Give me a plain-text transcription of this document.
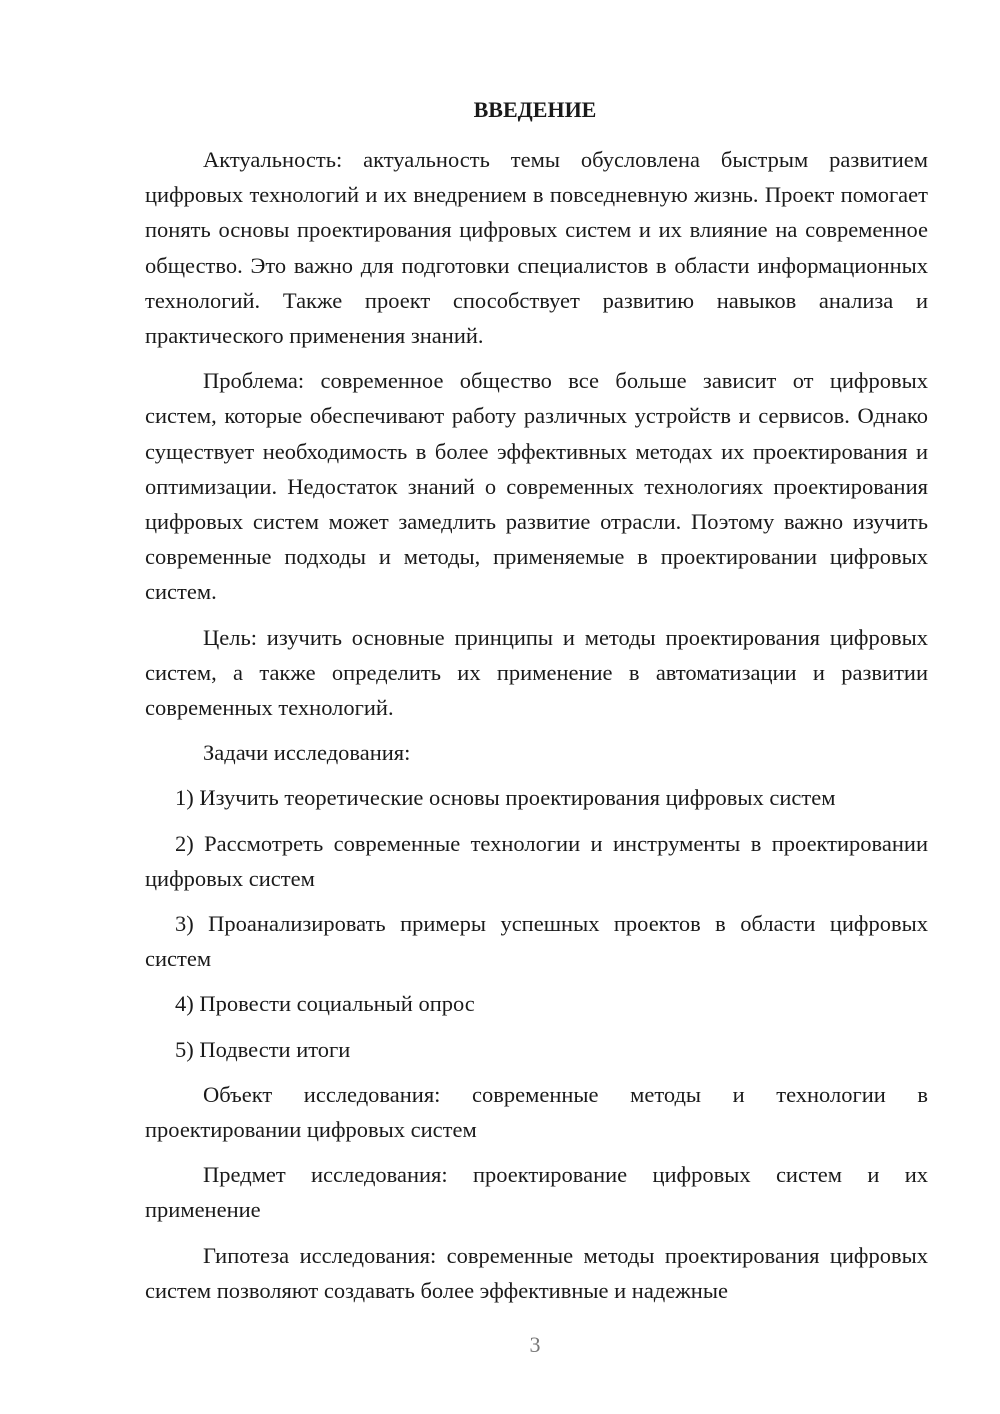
ВВЕДЕНИЕ

Актуальность: актуальность темы обусловлена быстрым развитием цифровых технологий и их внедрением в повседневную жизнь. Проект помогает понять основы проектирования цифровых систем и их влияние на современное общество. Это важно для подготовки специалистов в области информационных технологий. Также проект способствует развитию навыков анализа и практического применения знаний.

Проблема: современное общество все больше зависит от цифровых систем, которые обеспечивают работу различных устройств и сервисов. Однако существует необходимость в более эффективных методах их проектирования и оптимизации. Недостаток знаний о современных технологиях проектирования цифровых систем может замедлить развитие отрасли. Поэтому важно изучить современные подходы и методы, применяемые в проектировании цифровых систем.

Цель: изучить основные принципы и методы проектирования цифровых систем, а также определить их применение в автоматизации и развитии современных технологий.

Задачи исследования:

1) Изучить теоретические основы проектирования цифровых систем

2) Рассмотреть современные технологии и инструменты в проектировании цифровых систем

3) Проанализировать примеры успешных проектов в области цифровых систем

4) Провести социальный опрос

5) Подвести итоги

Объект исследования: современные методы и технологии в проектировании цифровых систем

Предмет исследования: проектирование цифровых систем и их применение

Гипотеза исследования: современные методы проектирования цифровых систем позволяют создавать более эффективные и надежные

3
